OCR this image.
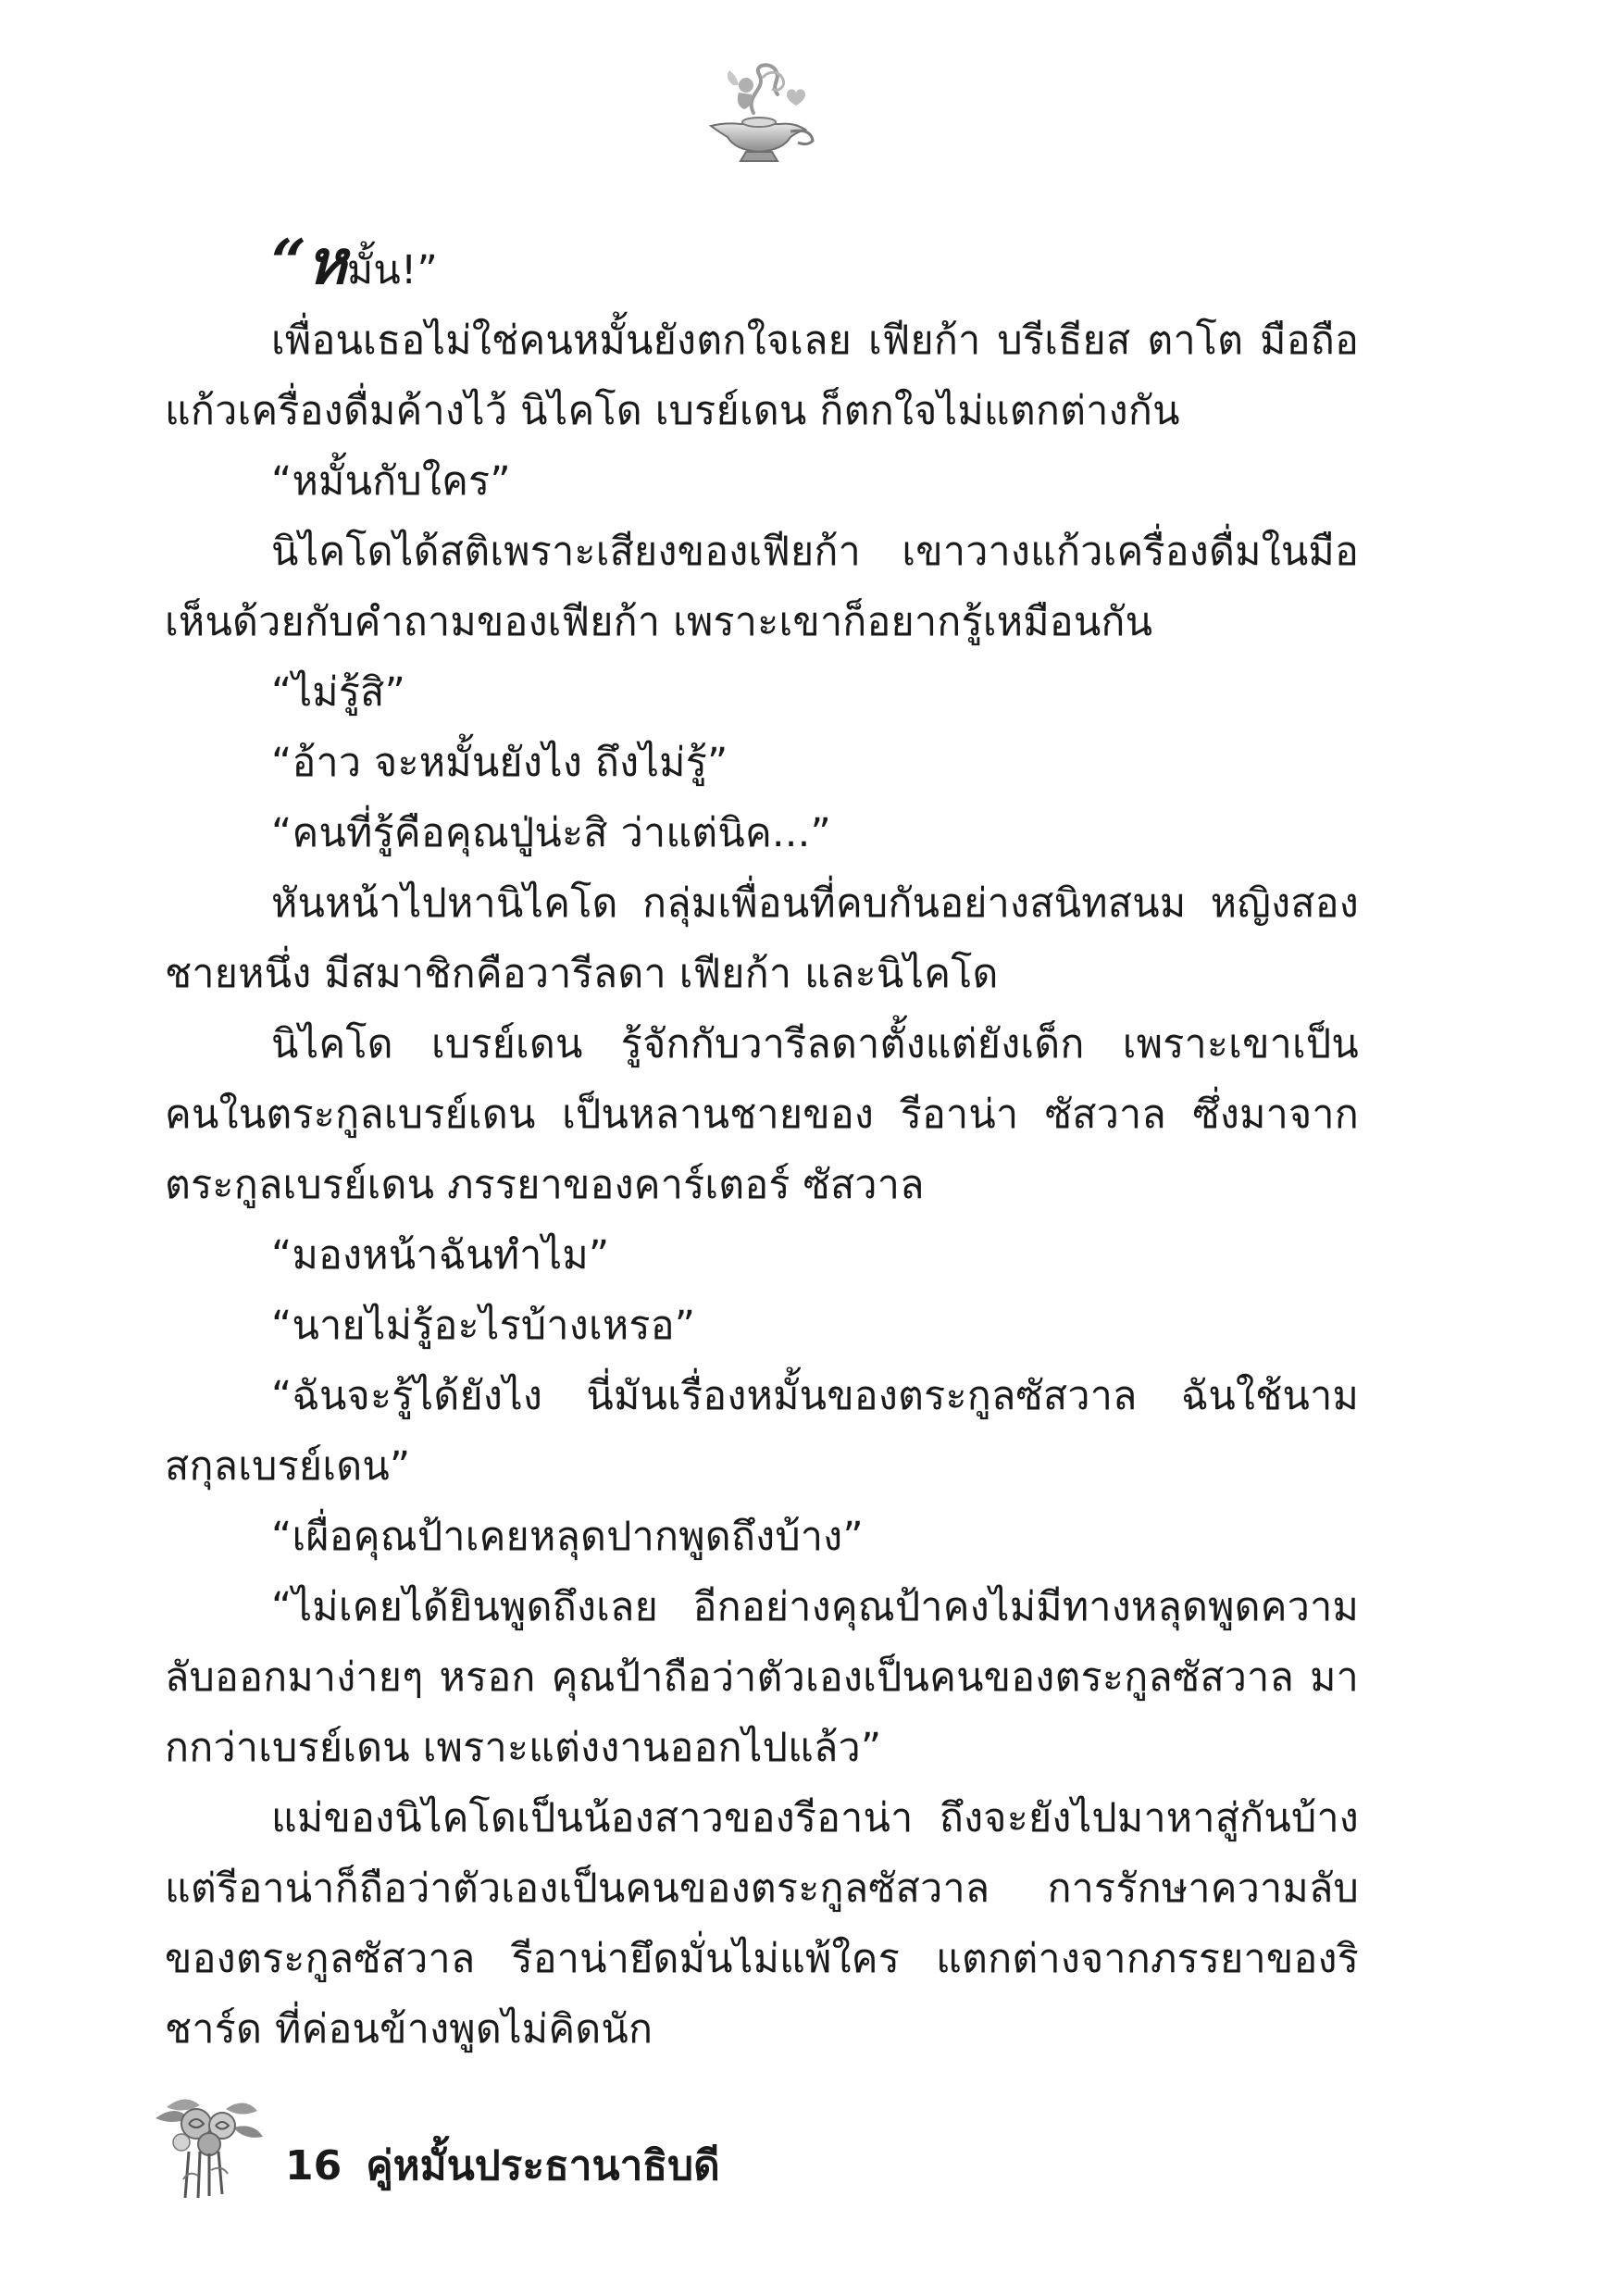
“หมั้น!”

เพื่อนเธอไม่ใช่คนหมั้นยังตกใจเลย เฟียก้า บรีเธียส ตาโต มือถือแก้วเครื่องดื่มค้างไว้ นิไคโด เบรย์เดน ก็ตกใจไม่แตกต่างกัน

“หมั้นกับใคร”

นิไคโดได้สติเพราะเสียงของเฟียก้า เขาวางแก้วเครื่องดื่มในมือ เห็นด้วยกับคำถามของเฟียก้า เพราะเขาก็อยากรู้เหมือนกัน

“ไม่รู้สิ”

“อ้าว จะหมั้นยังไง ถึงไม่รู้”

“คนที่รู้คือคุณปู่น่ะสิ ว่าแต่นิค...”

หันหน้าไปหานิไคโด กลุ่มเพื่อนที่คบกันอย่างสนิทสนม หญิงสองชายหนึ่ง มีสมาชิกคือวารีลดา เฟียก้า และนิไคโด

นิไคโด เบรย์เดน รู้จักกับวารีลดาตั้งแต่ยังเด็ก เพราะเขาเป็นคนในตระกูลเบรย์เดน เป็นหลานชายของ รีอาน่า ซัสวาล ซึ่งมาจากตระกูลเบรย์เดน ภรรยาของคาร์เตอร์ ซัสวาล

“มองหน้าฉันทำไม”

“นายไม่รู้อะไรบ้างเหรอ”

“ฉันจะรู้ได้ยังไง นี่มันเรื่องหมั้นของตระกูลซัสวาล ฉันใช้นามสกุลเบรย์เดน”

“เผื่อคุณป้าเคยหลุดปากพูดถึงบ้าง”

“ไม่เคยได้ยินพูดถึงเลย อีกอย่างคุณป้าคงไม่มีทางหลุดพูดความลับออกมาง่ายๆ หรอก คุณป้าถือว่าตัวเองเป็นคนของตระกูลซัสวาล มากกว่าเบรย์เดน เพราะแต่งงานออกไปแล้ว”

แม่ของนิไคโดเป็นน้องสาวของรีอาน่า ถึงจะยังไปมาหาสู่กันบ้าง แต่รีอาน่าก็ถือว่าตัวเองเป็นคนของตระกูลซัสวาล การรักษาความลับของตระกูลซัสวาล รีอาน่ายึดมั่นไม่แพ้ใคร แตกต่างจากภรรยาของริชาร์ด ที่ค่อนข้างพูดไม่คิดนัก

16 คู่หมั้นประธานาธิบดี
